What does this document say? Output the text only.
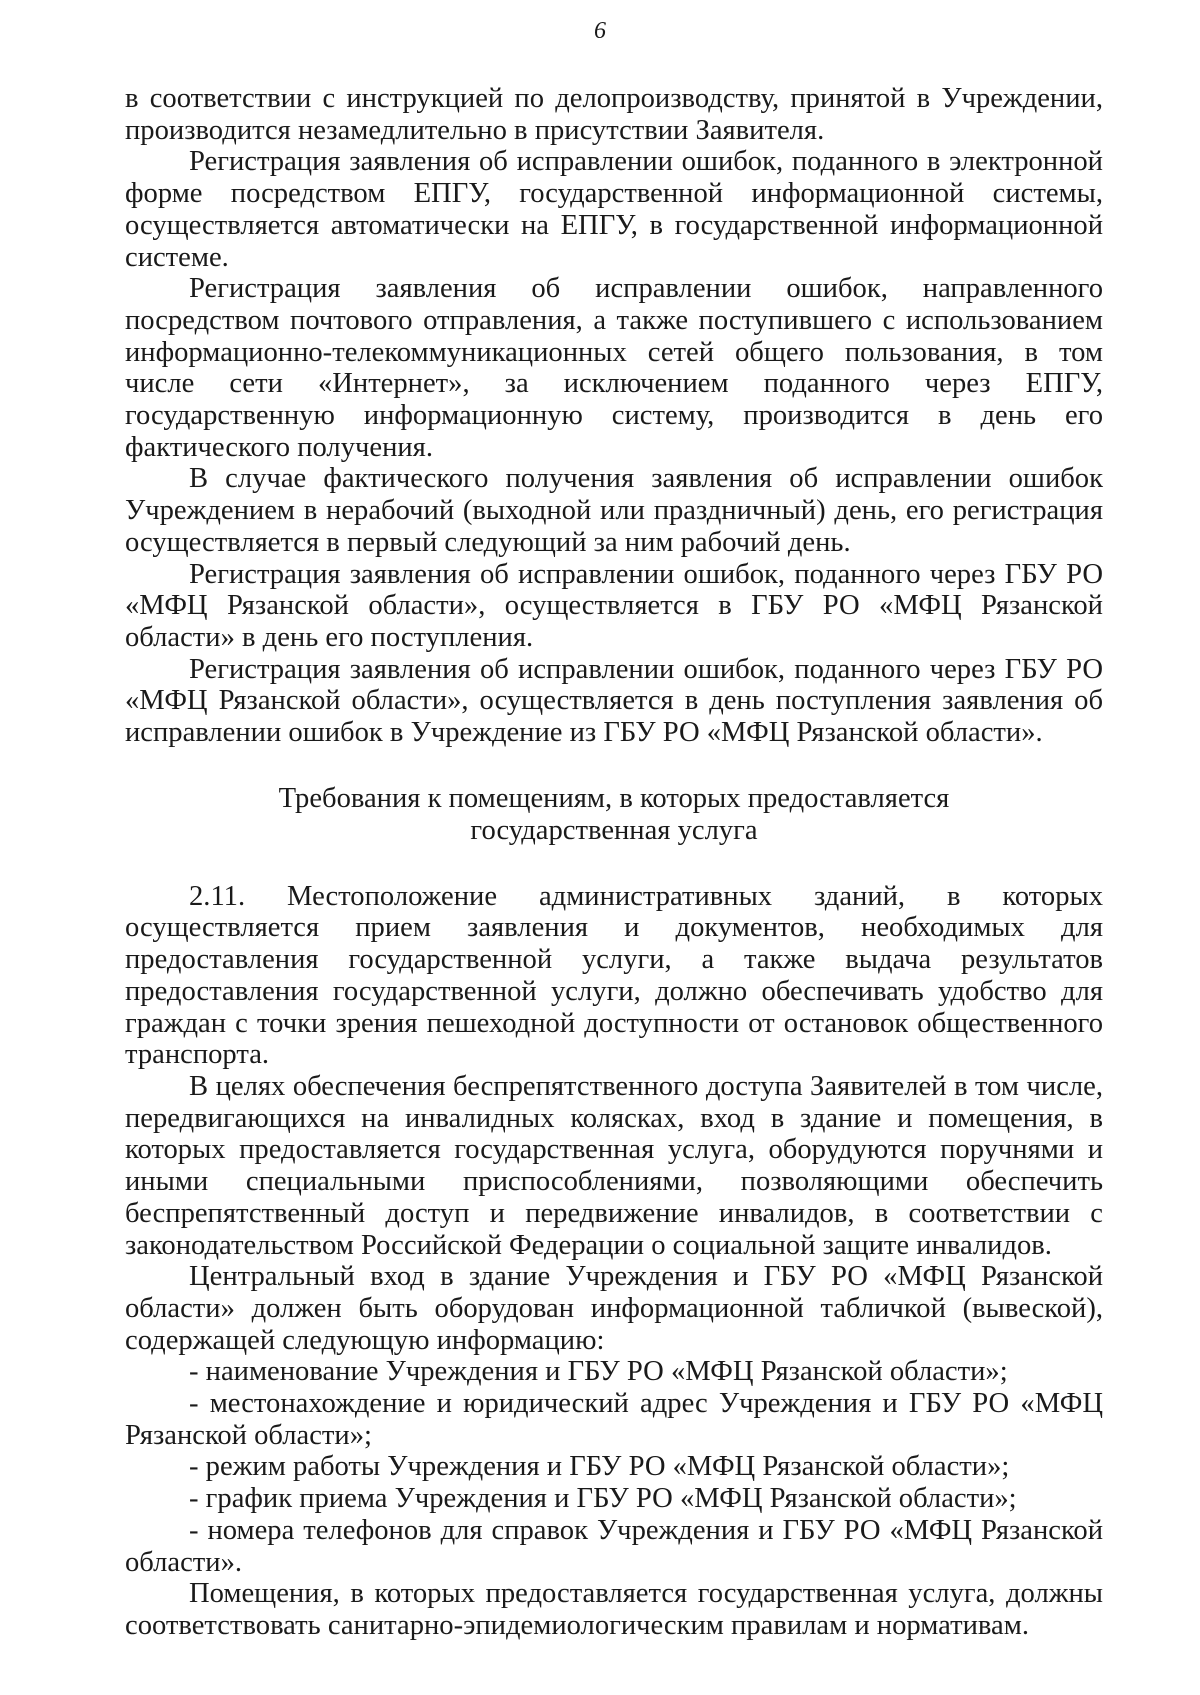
6

в соответствии с инструкцией по делопроизводству, принятой в Учреждении, производится незамедлительно в присутствии Заявителя.

Регистрация заявления об исправлении ошибок, поданного в электронной форме посредством ЕПГУ, государственной информационной системы, осуществляется автоматически на ЕПГУ, в государственной информационной системе.

Регистрация заявления об исправлении ошибок, направленного посредством почтового отправления, а также поступившего с использованием информационно-телекоммуникационных сетей общего пользования, в том числе сети «Интернет», за исключением поданного через ЕПГУ, государственную информационную систему, производится в день его фактического получения.

В случае фактического получения заявления об исправлении ошибок Учреждением в нерабочий (выходной или праздничный) день, его регистрация осуществляется в первый следующий за ним рабочий день.

Регистрация заявления об исправлении ошибок, поданного через ГБУ РО «МФЦ Рязанской области», осуществляется в ГБУ РО «МФЦ Рязанской области» в день его поступления.

Регистрация заявления об исправлении ошибок, поданного через ГБУ РО «МФЦ Рязанской области», осуществляется в день поступления заявления об исправлении ошибок в Учреждение из ГБУ РО «МФЦ Рязанской области».

Требования к помещениям, в которых предоставляется
государственная услуга

2.11. Местоположение административных зданий, в которых осуществляется прием заявления и документов, необходимых для предоставления государственной услуги, а также выдача результатов предоставления государственной услуги, должно обеспечивать удобство для граждан с точки зрения пешеходной доступности от остановок общественного транспорта.

В целях обеспечения беспрепятственного доступа Заявителей в том числе, передвигающихся на инвалидных колясках, вход в здание и помещения, в которых предоставляется государственная услуга, оборудуются поручнями и иными специальными приспособлениями, позволяющими обеспечить беспрепятственный доступ и передвижение инвалидов, в соответствии с законодательством Российской Федерации о социальной защите инвалидов.

Центральный вход в здание Учреждения и ГБУ РО «МФЦ Рязанской области» должен быть оборудован информационной табличкой (вывеской), содержащей следующую информацию:

- наименование Учреждения и ГБУ РО «МФЦ Рязанской области»;

- местонахождение и юридический адрес Учреждения и ГБУ РО «МФЦ Рязанской области»;

- режим работы Учреждения и ГБУ РО «МФЦ Рязанской области»;

- график приема Учреждения и ГБУ РО «МФЦ Рязанской области»;

- номера телефонов для справок Учреждения и ГБУ РО «МФЦ Рязанской области».

Помещения, в которых предоставляется государственная услуга, должны соответствовать санитарно-эпидемиологическим правилам и нормативам.
